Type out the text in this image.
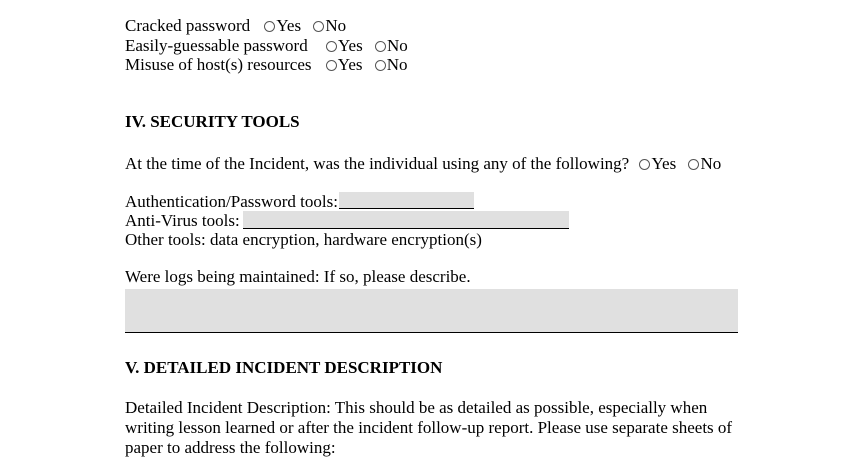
Cracked password Yes No
Easily-guessable password Yes No
Misuse of host(s) resources Yes No
IV. SECURITY TOOLS
At the time of the Incident, was the individual using any of the following? Yes No
Authentication/Password tools:
Anti-Virus tools:
Other tools: data encryption, hardware encryption(s)
Were logs being maintained: If so, please describe.
V. DETAILED INCIDENT DESCRIPTION
Detailed Incident Description: This should be as detailed as possible, especially when writing lesson learned or after the incident follow-up report. Please use separate sheets of paper to address the following:
